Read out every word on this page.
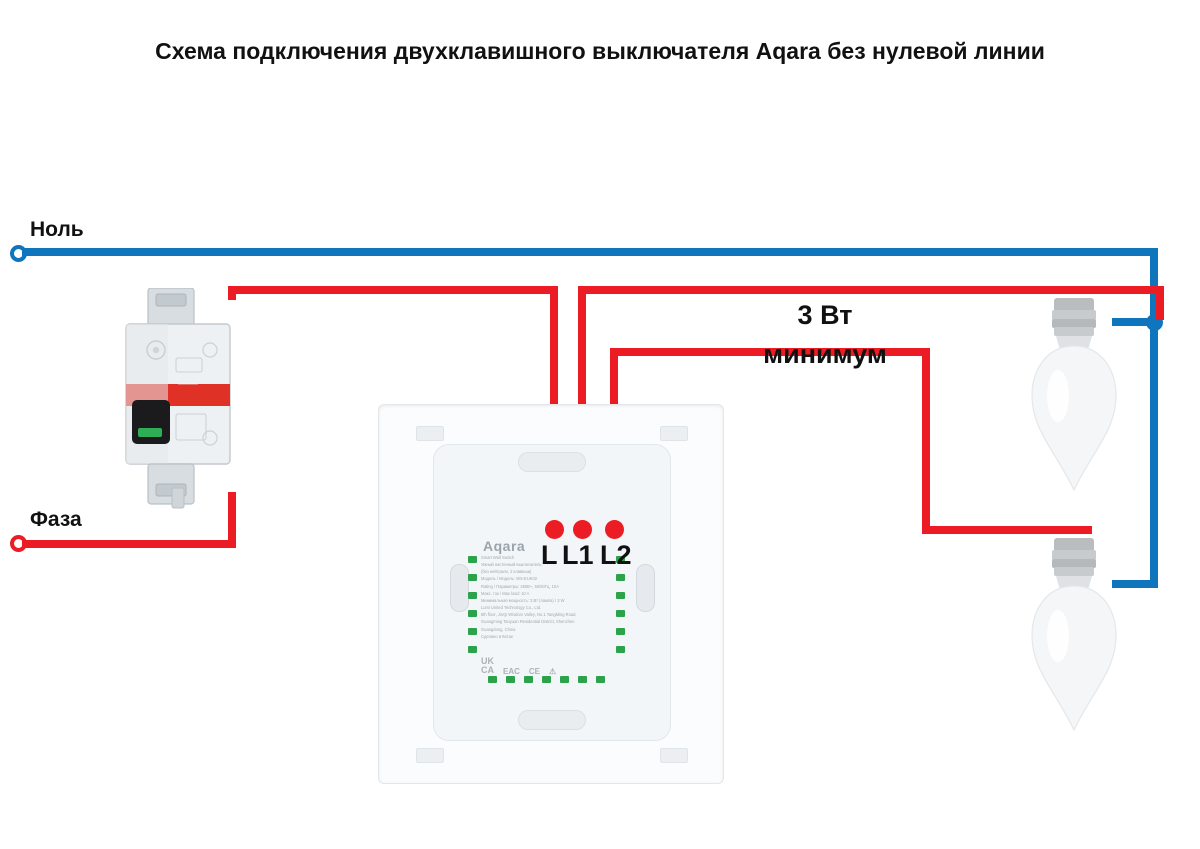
Схема подключения двухклавишного выключателя Aqara без нулевой линии
Ноль
Фаза
3 Вт
минимум
Aqara
Smart Wall Switch
Умный настенный выключатель
(без нейтрали, 2 клавиши)
Модель / Модель: WS-EUK02
Rating / Параметры: 250В~, 50/60Гц, 10А
Макс. ток / Max load: 10 A
Минимальная мощность: 3 Вт (лампа) / 3 W
Lumi United Technology Co., Ltd.
8th floor, JinQi Wisdom Valley, No.1 TangMing Road,
Guangming Taoyuan Residential District, Shenzhen
Guangdong, China
Сделано в Китае
UK
CA EAC CE ⚠
L L1 L2
